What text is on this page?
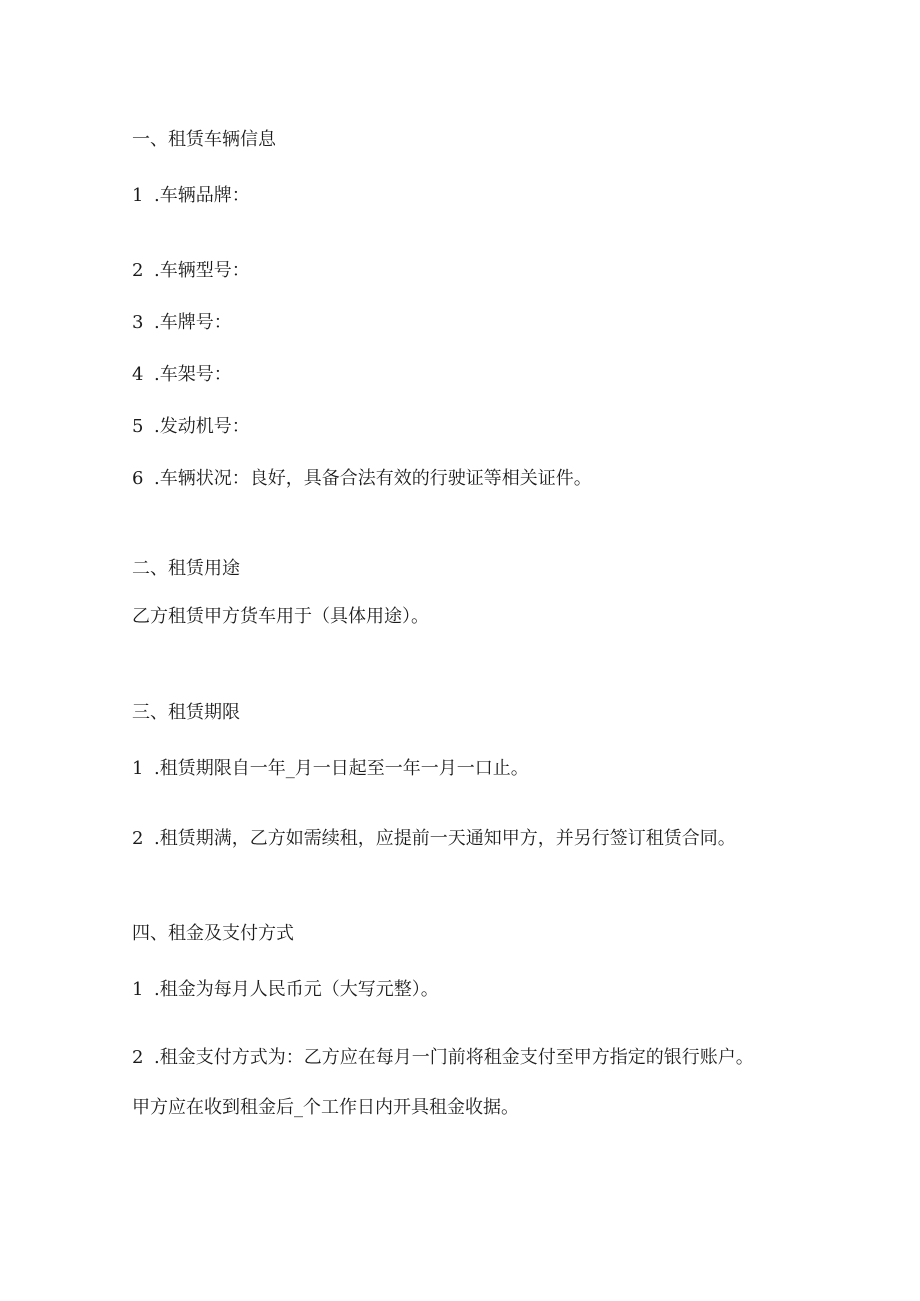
一、租赁车辆信息
1 .车辆品牌：
2 .车辆型号：
3 .车牌号：
4 .车架号：
5 .发动机号：
6 .车辆状况：良好，具备合法有效的行驶证等相关证件。
二、租赁用途
乙方租赁甲方货车用于（具体用途）。
三、租赁期限
1 .租赁期限自一年_月一日起至一年一月一口止。
2 .租赁期满，乙方如需续租，应提前一天通知甲方，并另行签订租赁合同。
四、租金及支付方式
1 .租金为每月人民币元（大写元整）。
2 .租金支付方式为：乙方应在每月一门前将租金支付至甲方指定的银行账户。
甲方应在收到租金后_个工作日内开具租金收据。
